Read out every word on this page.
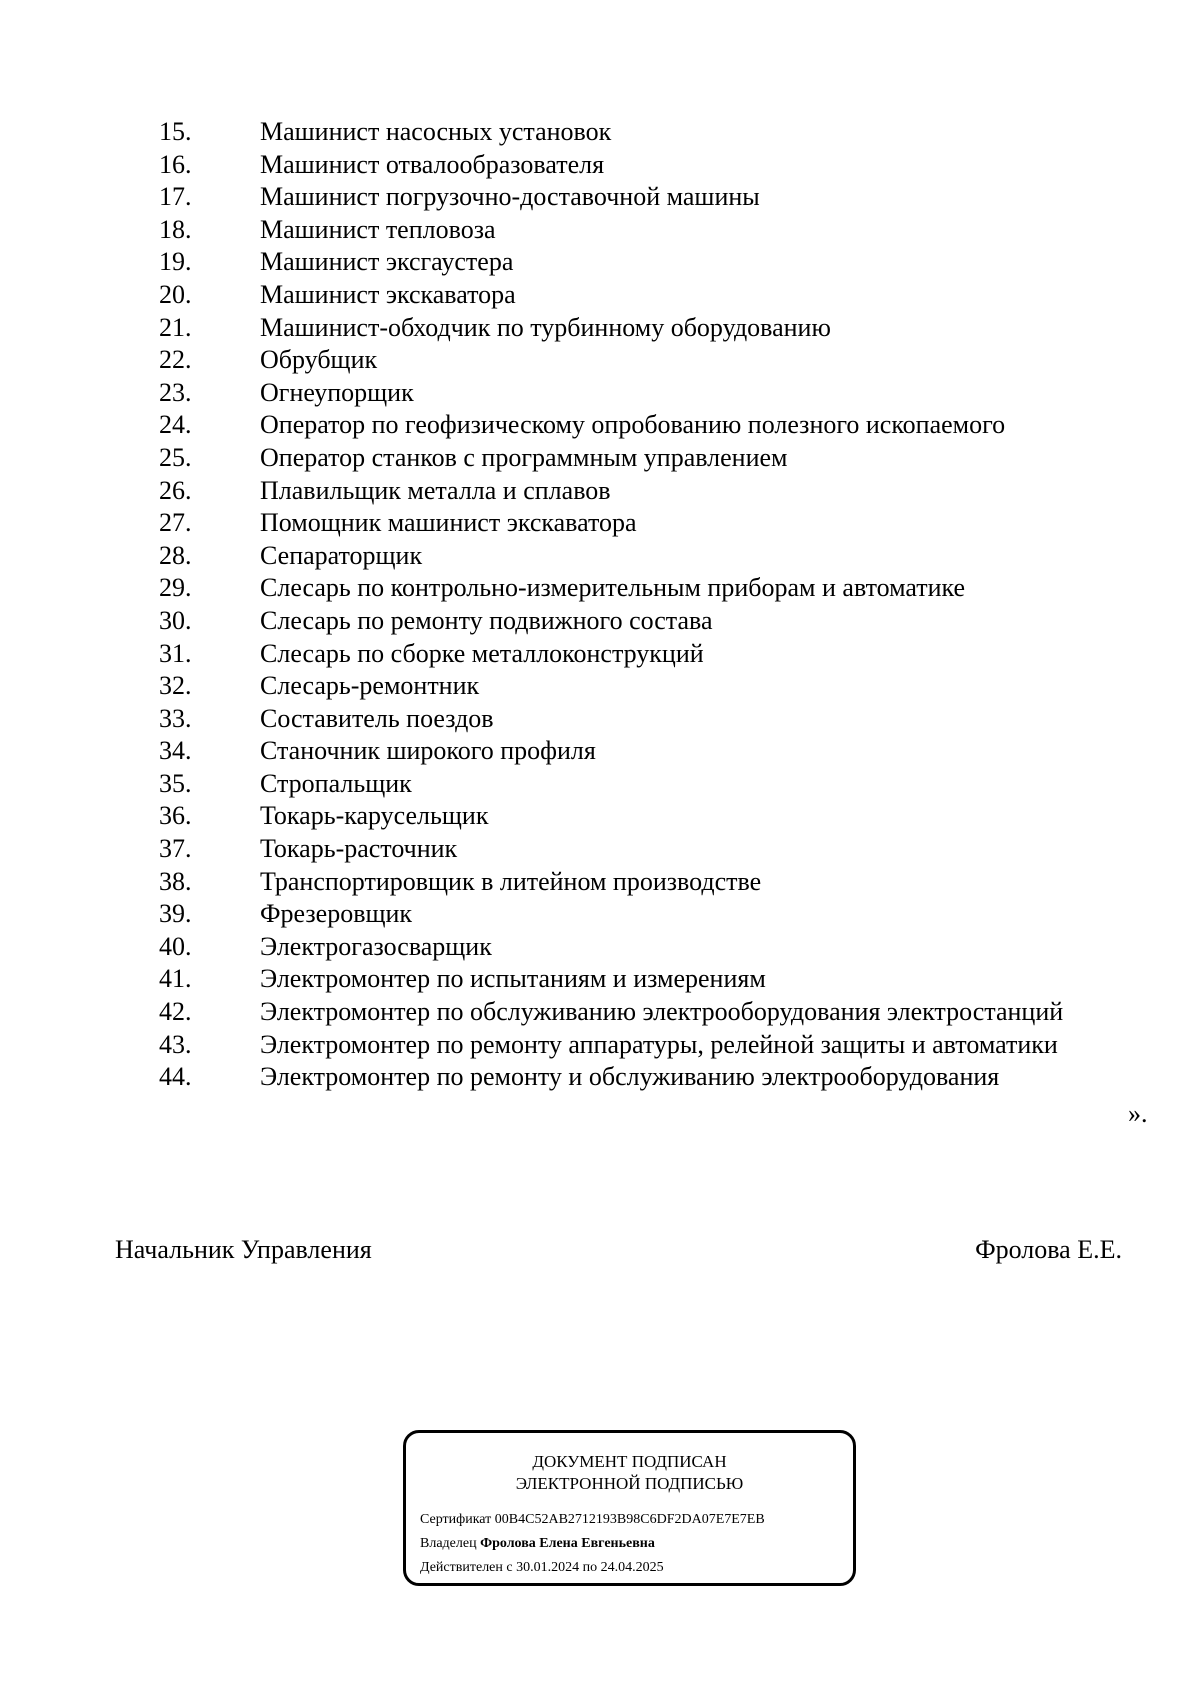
15.	Машинист насосных установок
16.	Машинист отвалообразователя
17.	Машинист погрузочно-доставочной машины
18.	Машинист тепловоза
19.	Машинист эксгаустера
20.	Машинист экскаватора
21.	Машинист-обходчик по турбинному оборудованию
22.	Обрубщик
23.	Огнеупорщик
24.	Оператор по геофизическому опробованию полезного ископаемого
25.	Оператор станков с программным управлением
26.	Плавильщик металла и сплавов
27.	Помощник машинист экскаватора
28.	Сепараторщик
29.	Слесарь по контрольно-измерительным приборам и автоматике
30.	Слесарь по ремонту подвижного состава
31.	Слесарь по сборке металлоконструкций
32.	Слесарь-ремонтник
33.	Составитель поездов
34.	Станочник широкого профиля
35.	Стропальщик
36.	Токарь-карусельщик
37.	Токарь-расточник
38.	Транспортировщик в литейном производстве
39.	Фрезеровщик
40.	Электрогазосварщик
41.	Электромонтер по испытаниям и измерениям
42.	Электромонтер по обслуживанию электрооборудования электростанций
43.	Электромонтер по ремонту аппаратуры, релейной защиты и автоматики
44.	Электромонтер по ремонту и обслуживанию электрооборудования
».
Начальник Управления	Фролова Е.Е.
ДОКУМЕНТ ПОДПИСАН
ЭЛЕКТРОННОЙ ПОДПИСЬЮ
Сертификат 00B4C52AB2712193B98C6DF2DA07E7E7EB
Владелец Фролова Елена Евгеньевна
Действителен с 30.01.2024 по 24.04.2025
